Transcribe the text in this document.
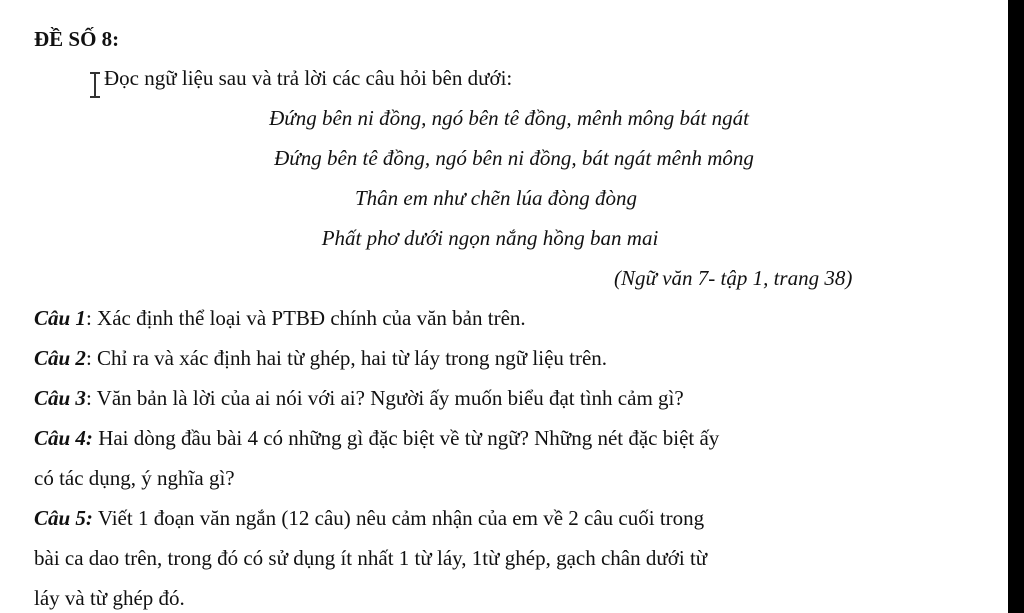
ĐỀ SỐ 8:
Đọc ngữ liệu sau và trả lời các câu hỏi bên dưới:
Đứng bên ni đồng, ngó bên tê đồng, mênh mông bát ngát
Đứng bên tê đồng, ngó bên ni đồng, bát ngát mênh mông
Thân em như chẽn lúa đòng đòng
Phất phơ dưới ngọn nắng hồng ban mai
(Ngữ văn 7- tập 1, trang 38)
Câu 1: Xác định thể loại và PTBĐ chính của văn bản trên.
Câu 2: Chỉ ra và xác định hai từ ghép, hai từ láy trong ngữ liệu trên.
Câu 3: Văn bản là lời của ai nói với ai? Người ấy muốn biểu đạt tình cảm gì?
Câu 4: Hai dòng đầu bài 4 có những gì đặc biệt về từ ngữ? Những nét đặc biệt ấy
có tác dụng, ý nghĩa gì?
Câu 5: Viết 1 đoạn văn ngắn (12 câu) nêu cảm nhận của em về 2 câu cuối trong
bài ca dao trên, trong đó có sử dụng ít nhất 1 từ láy, 1từ ghép, gạch chân dưới từ
láy và từ ghép đó.
